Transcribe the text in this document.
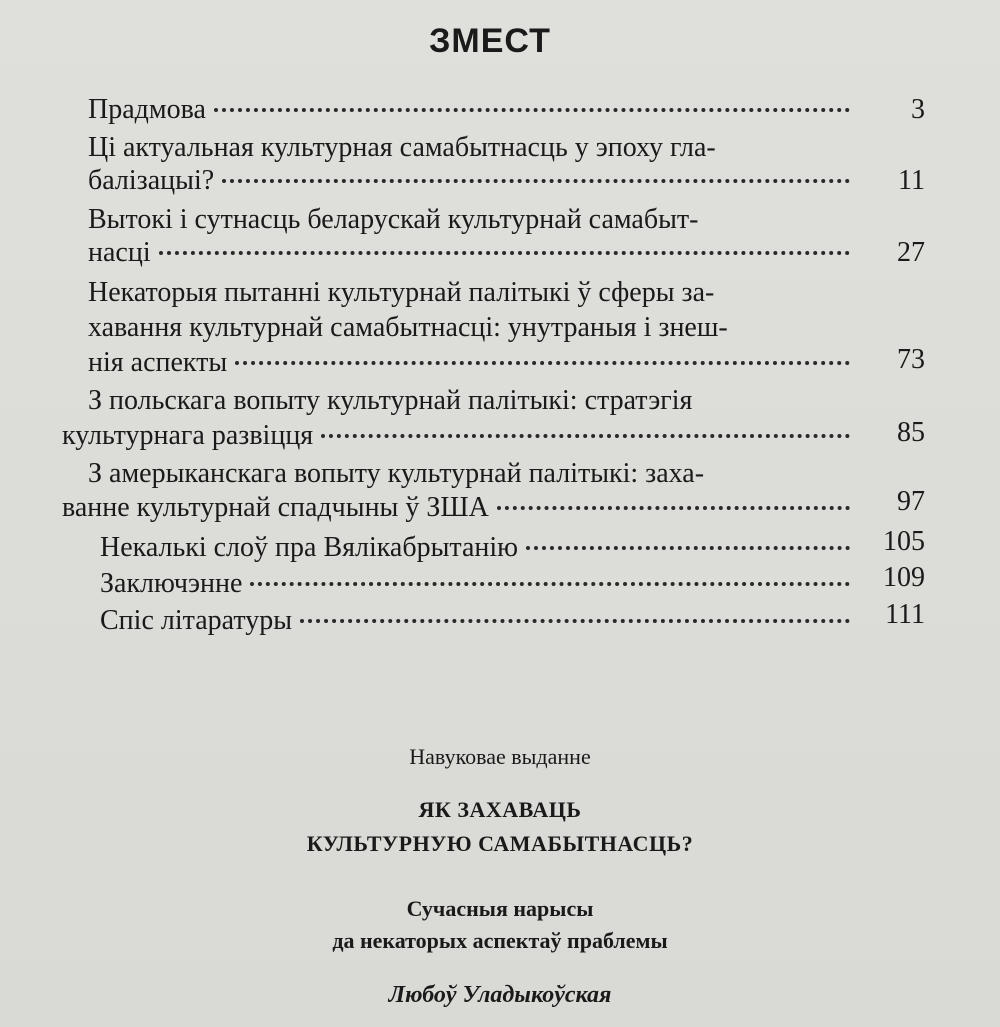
ЗМЕСТ
Прадмова	3
Ці актуальная культурная самабытнасць у эпоху гла-
балізацыі?	11
Вытокі і сутнасць беларускай культурнай самабыт-
насці	27
Некаторыя пытанні культурнай палітыкі ў сферы за-
хавання культурнай самабытнасці: унутраныя і знеш-
нія аспекты	73
З польскага вопыту культурнай палітыкі: стратэгія
культурнага развіцця	85
З амерыканскага вопыту культурнай палітыкі: заха-
ванне культурнай спадчыны ў ЗША	97
Некалькі слоў пра Вялікабрытанію	105
Заключэнне	109
Спіс літаратуры	111
Навуковае выданне
ЯК ЗАХАВАЦЬ
КУЛЬТУРНУЮ САМАБЫТНАСЦЬ?
Сучасныя нарысы
да некаторых аспектаў праблемы
Любоў Уладыкоўская
